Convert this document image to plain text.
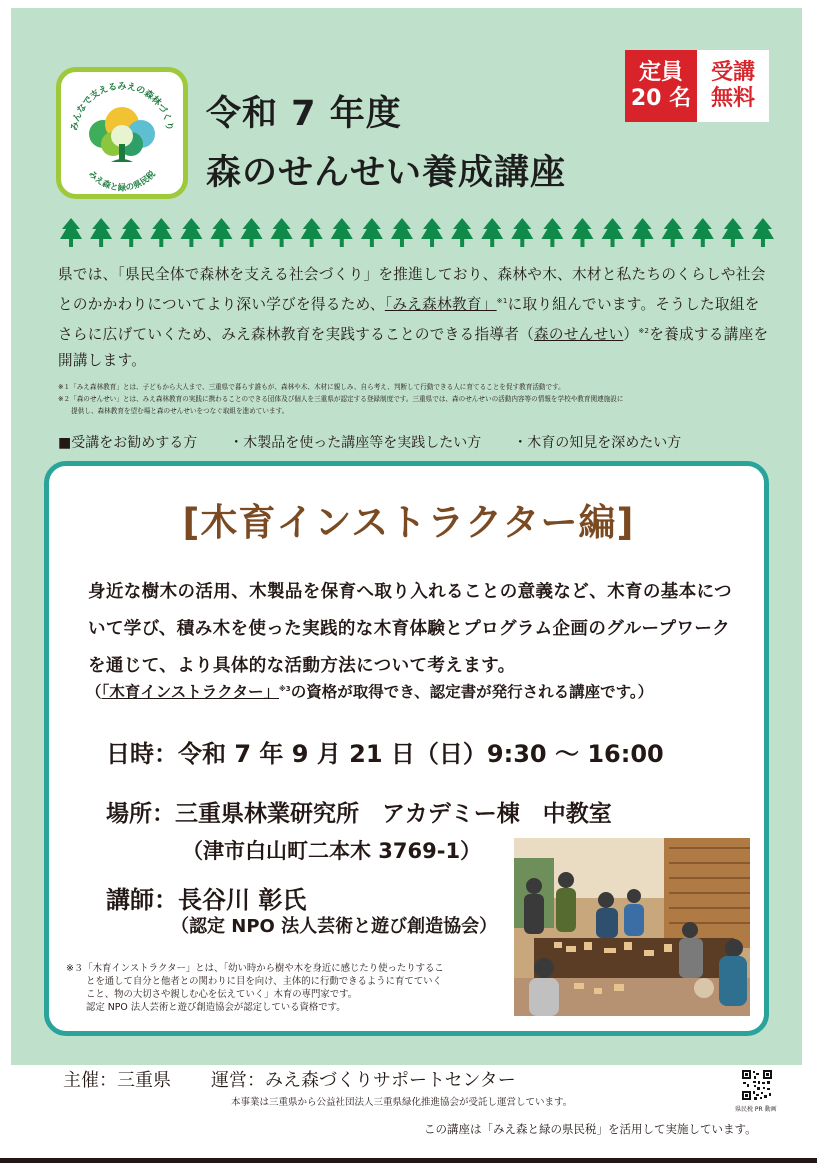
みんなで支えるみえの森林づくり
みえ森と緑の県民税
令和 7 年度
森のせんせい養成講座
定員
20 名
受講
無料
県では、「県民全体で森林を支える社会づくり」を推進しており、森林や木、木材と私たちのくらしや社会とのかかわりについてより深い学びを得るため、「みえ森林教育」$^{※1}$に取り組んでいます。そうした取組をさらに広げていくため、みえ森林教育を実践することのできる指導者（森のせんせい）$^{※2}$を養成する講座を開講します。
※１「みえ森林教育」とは、子どもから大人まで、三重県で暮らす誰もが、森林や木、木材に親しみ、自ら考え、判断して行動できる人に育てることを促す教育活動です。
※２「森のせんせい」とは、みえ森林教育の実践に携わることのできる団体及び個人を三重県が認定する登録制度です。三重県では、森のせんせいの活動内容等の情報を学校や教育関連施設に
　　提供し、森林教育を望む場と森のせんせいをつなぐ取組を進めています。
■受講をお勧めする方 ・木製品を使った講座等を実践したい方 ・木育の知見を深めたい方
[木育インストラクター編]
身近な樹木の活用、木製品を保育へ取り入れることの意義など、木育の基本について学び、積み木を使った実践的な木育体験とプログラム企画のグループワークを通じて、より具体的な活動方法について考えます。
（「木育インストラクター」$^{※3}$の資格が取得でき、認定書が発行される講座です。）
日時：令和 7 年 9 月 21 日（日）9:30 ～ 16:00
場所：三重県林業研究所　アカデミー棟　中教室
（津市白山町二本木 3769-1）
講師：長谷川 彰氏
（認定 NPO 法人芸術と遊び創造協会）
※３「木育インストラクター」とは、「幼い時から樹や木を身近に感じたり使ったりするこ
とを通して自分と他者との関わりに目を向け、主体的に行動できるように育てていく
こと、物の大切さや親しむ心を伝えていく」木育の専門家です。
認定 NPO 法人芸術と遊び創造協会が認定している資格です。
主催：三重県 運営：みえ森づくりサポートセンター
本事業は三重県から公益社団法人三重県緑化推進協会が受託し運営しています。
県民税 PR 動画
この講座は「みえ森と緑の県民税」を活用して実施しています。
